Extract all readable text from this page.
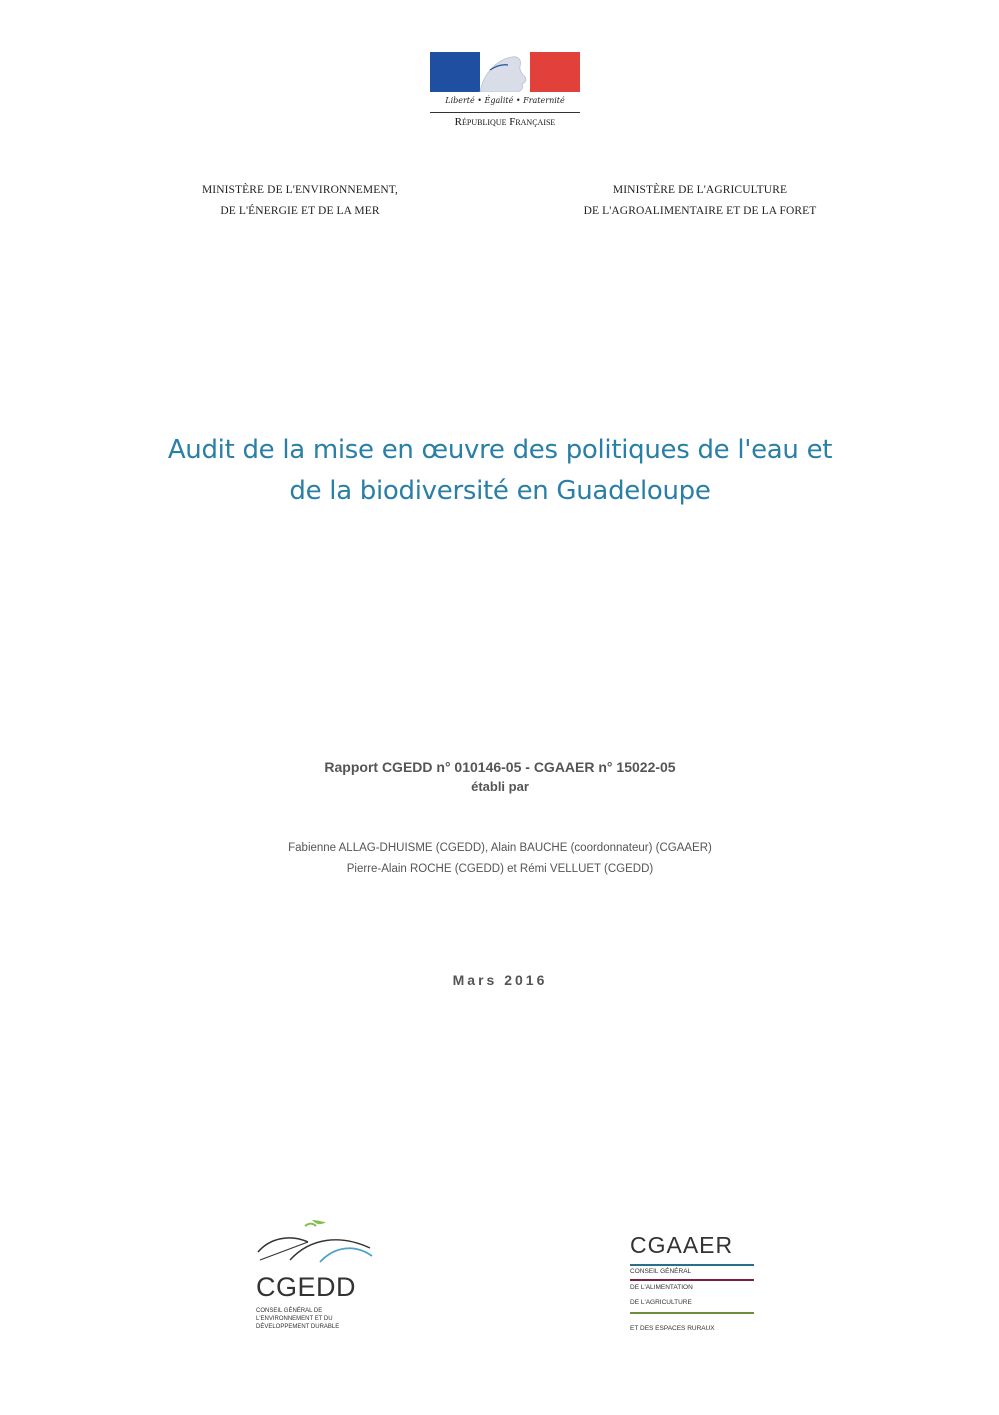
Liberté • Égalité • Fraternité
République Française
MINISTÈRE DE L'ENVIRONNEMENT,
DE L'ÉNERGIE ET DE LA MER
MINISTÈRE DE L'AGRICULTURE
DE L'AGROALIMENTAIRE ET DE LA FORET
Audit de la mise en œuvre des politiques de l'eau et
de la biodiversité en Guadeloupe
Rapport CGEDD n° 010146-05 - CGAAER n° 15022-05
établi par
Fabienne ALLAG-DHUISME (CGEDD), Alain BAUCHE (coordonnateur) (CGAAER)
Pierre-Alain ROCHE (CGEDD) et Rémi VELLUET (CGEDD)
Mars 2016
CGEDD
CONSEIL GÉNÉRAL DE
L'ENVIRONNEMENT ET DU
DÉVELOPPEMENT DURABLE
CGAAER
CONSEIL GÉNÉRAL
DE L'ALIMENTATION
DE L'AGRICULTURE
ET DES ESPACES RURAUX
